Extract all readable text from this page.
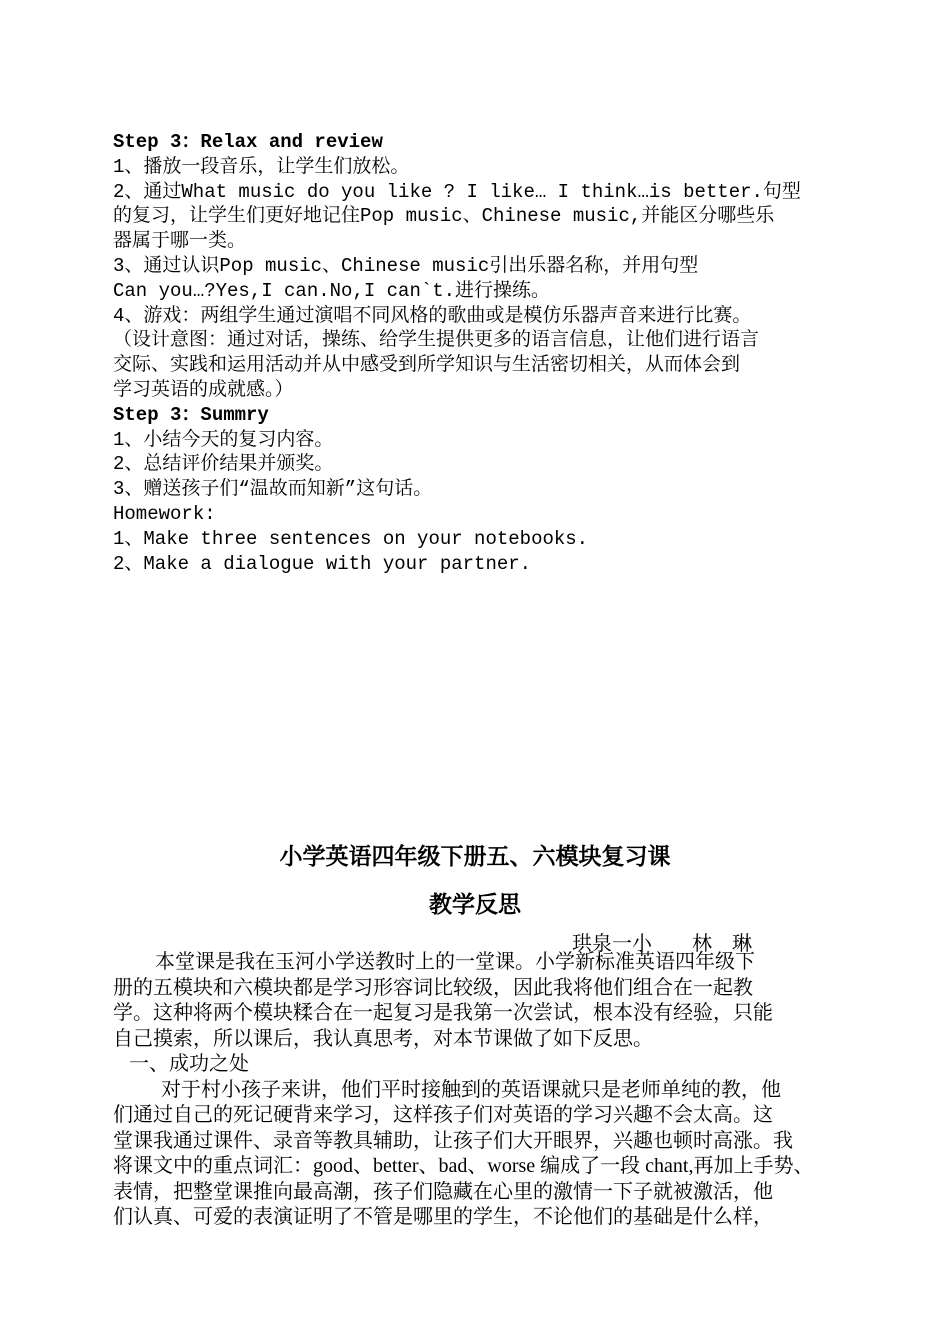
Step 3：Relax and review

1、播放一段音乐，让学生们放松。

2、通过What music do you like ? I like… I think…is better.句型

的复习，让学生们更好地记住Pop music、Chinese music,并能区分哪些乐

器属于哪一类。

3、通过认识Pop music、Chinese music引出乐器名称，并用句型

Can you…?Yes,I can.No,I can`t.进行操练。

4、游戏：两组学生通过演唱不同风格的歌曲或是模仿乐器声音来进行比赛。

（设计意图：通过对话，操练、给学生提供更多的语言信息，让他们进行语言

交际、实践和运用活动并从中感受到所学知识与生活密切相关，从而体会到

学习英语的成就感。）

Step 3：Summry

1、小结今天的复习内容。

2、总结评价结果并颁奖。

3、赠送孩子们“温故而知新”这句话。

Homework:

1、Make three sentences on your notebooks.

2、Make a dialogue with your partner.

小学英语四年级下册五、六模块复习课
教学反思
珙泉一小　　林　琳

本堂课是我在玉河小学送教时上的一堂课。小学新标准英语四年级下

册的五模块和六模块都是学习形容词比较级，因此我将他们组合在一起教

学。这种将两个模块糅合在一起复习是我第一次尝试，根本没有经验，只能

自己摸索，所以课后，我认真思考，对本节课做了如下反思。

一、成功之处

对于村小孩子来讲，他们平时接触到的英语课就只是老师单纯的教，他

们通过自己的死记硬背来学习，这样孩子们对英语的学习兴趣不会太高。这

堂课我通过课件、录音等教具辅助，让孩子们大开眼界，兴趣也顿时高涨。我

将课文中的重点词汇：good、better、bad、worse 编成了一段 chant,再加上手势、

表情，把整堂课推向最高潮，孩子们隐藏在心里的激情一下子就被激活，他

们认真、可爱的表演证明了不管是哪里的学生，不论他们的基础是什么样，
